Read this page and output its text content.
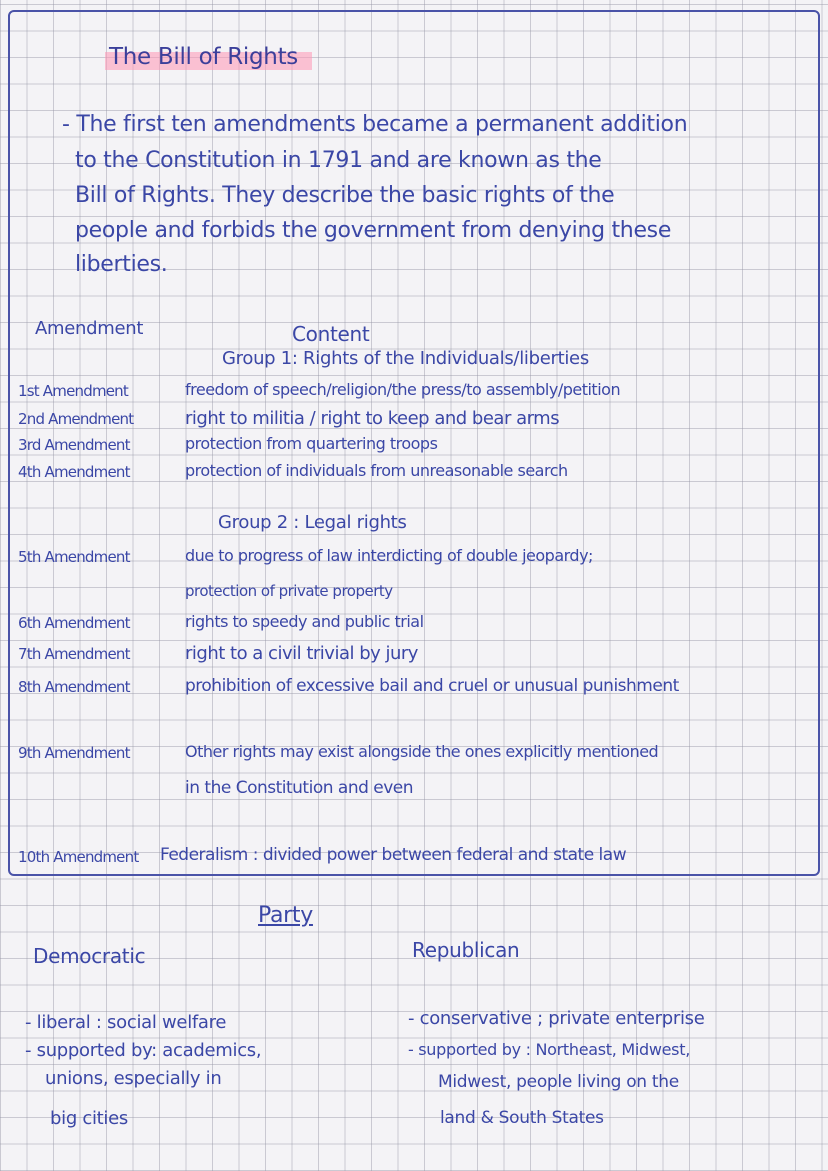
The Bill of Rights
- The first ten amendments became a permanent addition
to the Constitution in 1791 and are known as the
Bill of Rights. They describe the basic rights of the
people and forbids the government from denying these
liberties.
Amendment	Content
Group 1: Rights of the Individuals/liberties
1st Amendment	freedom of speech/religion/the press/to assembly/petition
2nd Amendment	right to militia / right to keep and bear arms
3rd Amendment	protection from quartering troops
4th Amendment	protection of individuals from unreasonable search
Group 2 : Legal rights
5th Amendment	due to progress of law interdicting of double jeopardy;
protection of private property
6th Amendment	rights to speedy and public trial
7th Amendment	right to a civil trivial by jury
8th Amendment	prohibition of excessive bail and cruel or unusual punishment
9th Amendment	Other rights may exist alongside the ones explicitly mentioned
in the Constitution and even
10th Amendment Federalism : divided power between federal and state law
Party
Democratic	Republican
- liberal : social welfare
- supported by: academics,
unions, especially in
big cities
- conservative ; private enterprise
- supported by : Northeast, Midwest,
Midwest, people living on the
land & South States
